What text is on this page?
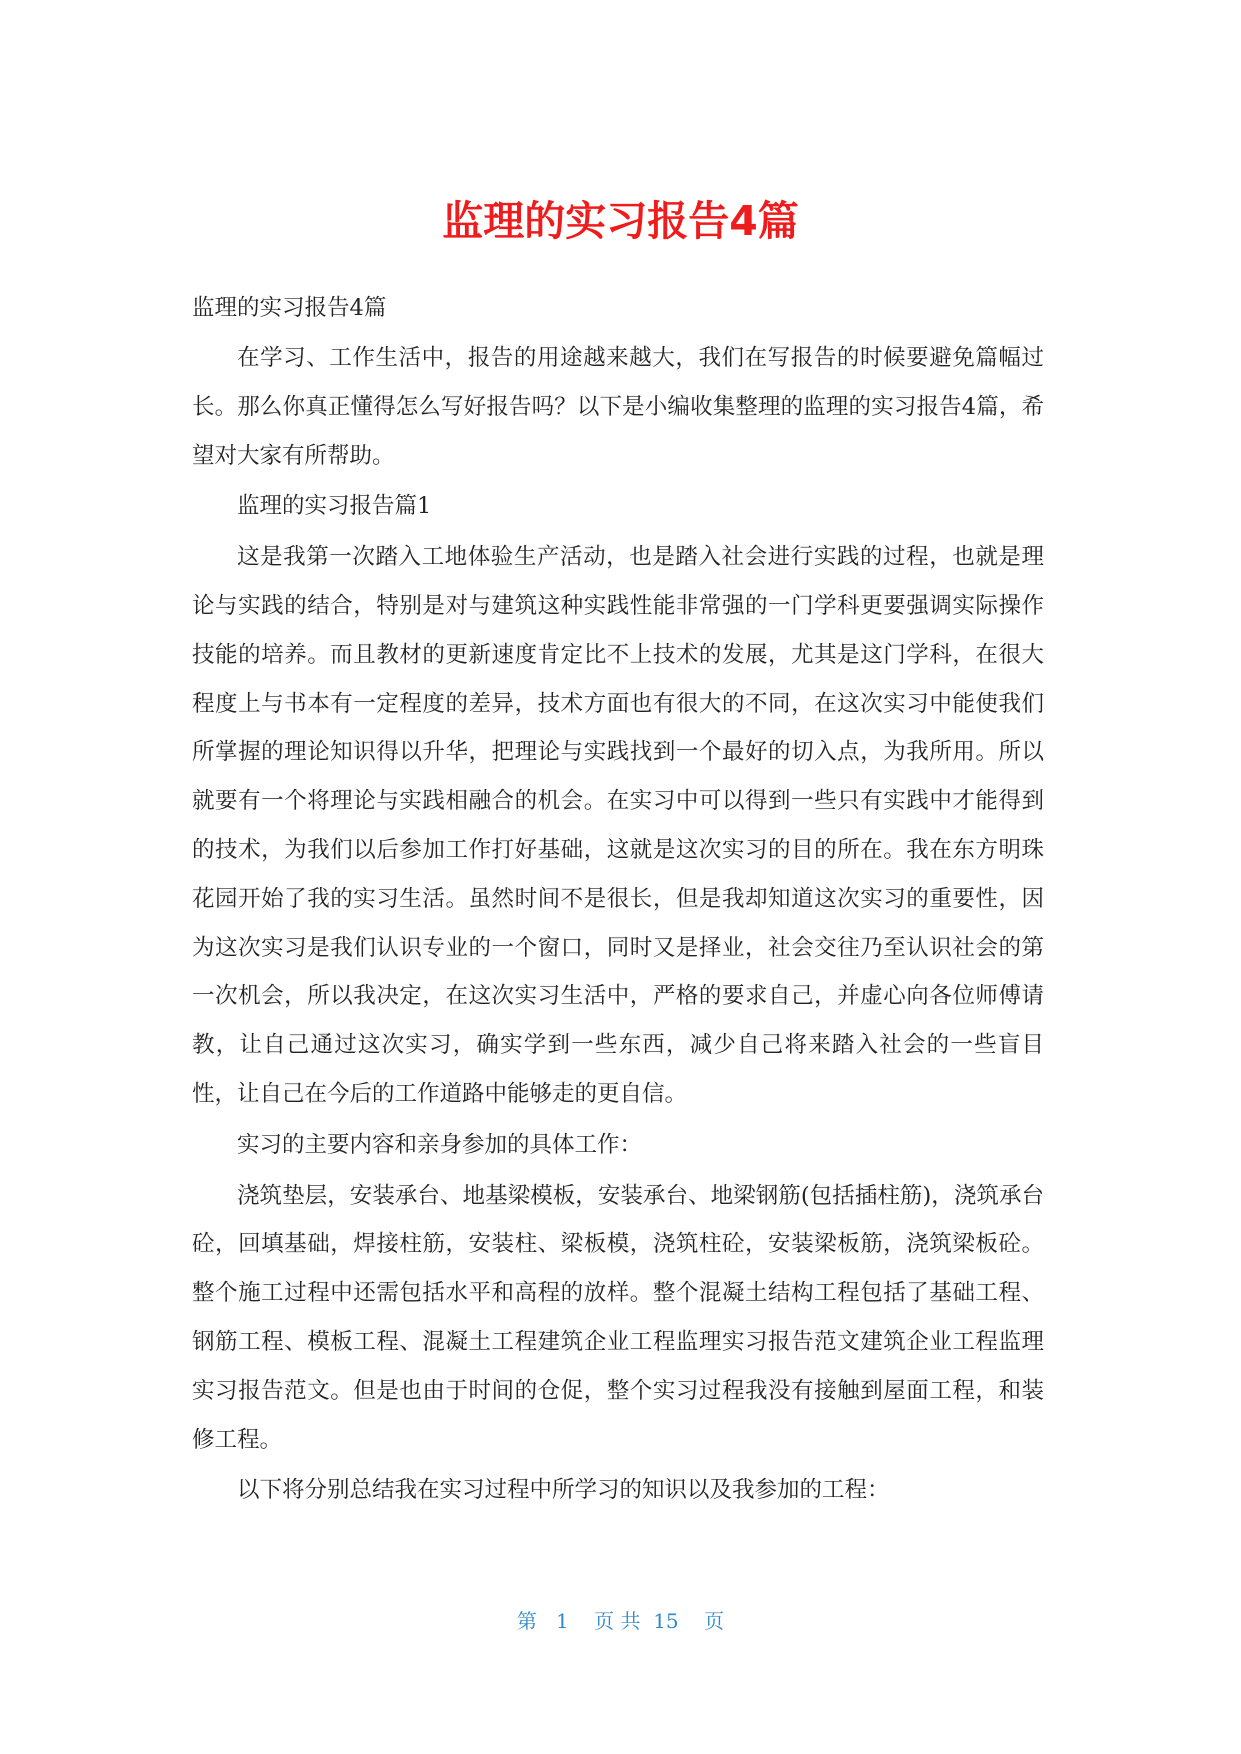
监理的实习报告4篇

监理的实习报告4篇

在学习、工作生活中，报告的用途越来越大，我们在写报告的时候要避免篇幅过长。那么你真正懂得怎么写好报告吗？以下是小编收集整理的监理的实习报告4篇，希望对大家有所帮助。

监理的实习报告篇1

这是我第一次踏入工地体验生产活动，也是踏入社会进行实践的过程，也就是理论与实践的结合，特别是对与建筑这种实践性能非常强的一门学科更要强调实际操作技能的培养。而且教材的更新速度肯定比不上技术的发展，尤其是这门学科，在很大程度上与书本有一定程度的差异，技术方面也有很大的不同，在这次实习中能使我们所掌握的理论知识得以升华，把理论与实践找到一个最好的切入点，为我所用。所以就要有一个将理论与实践相融合的机会。在实习中可以得到一些只有实践中才能得到的技术，为我们以后参加工作打好基础，这就是这次实习的目的所在。我在东方明珠花园开始了我的实习生活。虽然时间不是很长，但是我却知道这次实习的重要性，因为这次实习是我们认识专业的一个窗口，同时又是择业，社会交往乃至认识社会的第一次机会，所以我决定，在这次实习生活中，严格的要求自己，并虚心向各位师傅请教，让自己通过这次实习，确实学到一些东西，减少自己将来踏入社会的一些盲目性，让自己在今后的工作道路中能够走的更自信。

实习的主要内容和亲身参加的具体工作：

浇筑垫层，安装承台、地基梁模板，安装承台、地梁钢筋(包括插柱筋)，浇筑承台砼，回填基础，焊接柱筋，安装柱、梁板模，浇筑柱砼，安装梁板筋，浇筑梁板砼。整个施工过程中还需包括水平和高程的放样。整个混凝土结构工程包括了基础工程、钢筋工程、模板工程、混凝土工程建筑企业工程监理实习报告范文建筑企业工程监理实习报告范文。但是也由于时间的仓促，整个实习过程我没有接触到屋面工程，和装修工程。

以下将分别总结我在实习过程中所学习的知识以及我参加的工程：

第   1    页 共  15    页
